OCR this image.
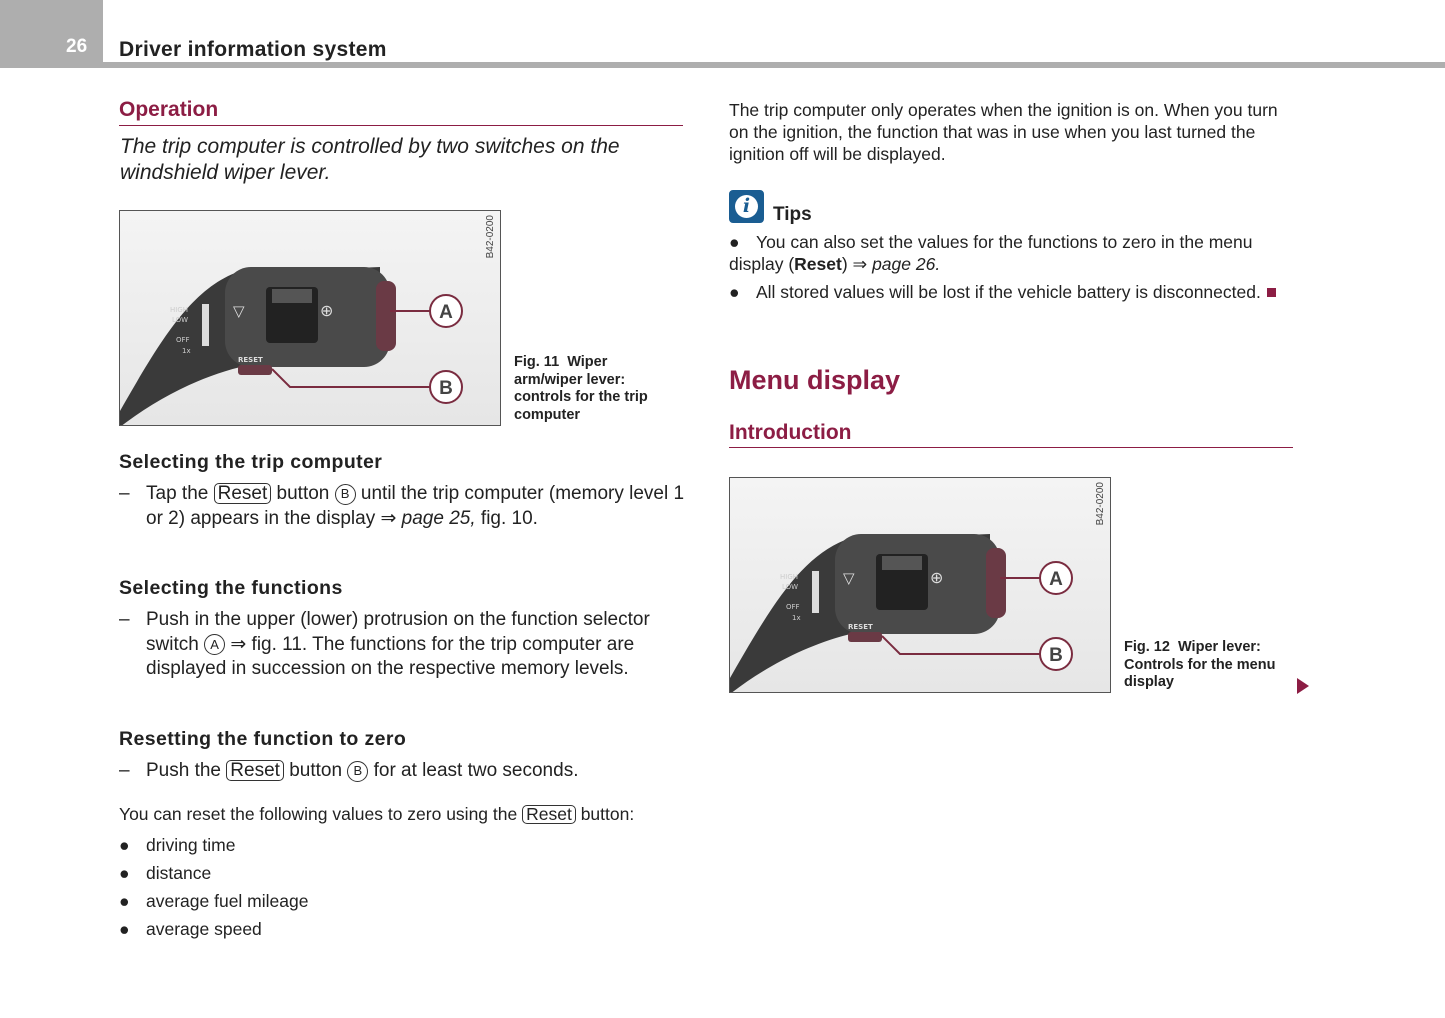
26 Driver information system
Operation
The trip computer is controlled by two switches on the windshield wiper lever.
▽	⊕
HIGH
LOW
OFF
1x
RESET
A
B
B42-0200
Fig. 11 Wiper arm/wiper lever: controls for the trip computer
Selecting the trip computer
– Tap the Reset button B until the trip computer (memory level 1 or 2) appears in the display ⇒ page 25, fig. 10.
Selecting the functions
– Push in the upper (lower) protrusion on the function selector switch A ⇒ fig. 11. The functions for the trip computer are displayed in succession on the respective memory levels.
Resetting the function to zero
– Push the Reset button B for at least two seconds.
You can reset the following values to zero using the Reset button:
● driving time
● distance
● average fuel mileage
● average speed
The trip computer only operates when the ignition is on. When you turn on the ignition, the function that was in use when you last turned the ignition off will be displayed.
i	Tips
● You can also set the values for the functions to zero in the menu display (Reset) ⇒ page 26.
● All stored values will be lost if the vehicle battery is disconnected.
Menu display
Introduction
▽	⊕
HIGH
LOW
OFF
1x
RESET
A
B
B42-0200
Fig. 12 Wiper lever: Controls for the menu display
